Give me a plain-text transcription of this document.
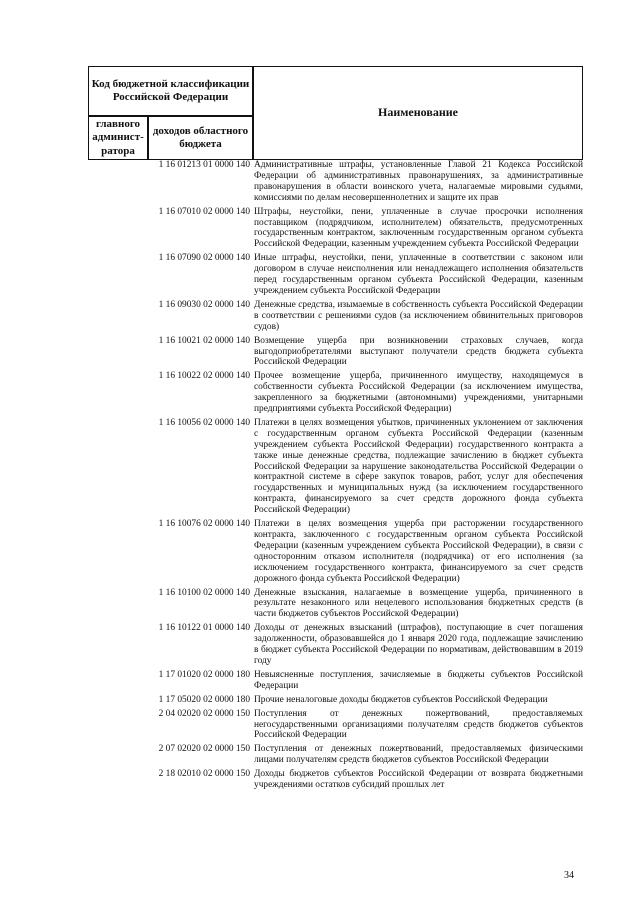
Код бюджетной классификации Российской Федерации
Наименование
главного админист-ратора
доходов областного бюджета
1 16 01213 01 0000 140 Административные штрафы, установленные Главой 21 Кодекса Российской Федерации об административных правонарушениях, за административные правонарушения в области воинского учета, налагаемые мировыми судьями, комиссиями по делам несовершеннолетних и защите их прав
1 16 07010 02 0000 140 Штрафы, неустойки, пени, уплаченные в случае просрочки исполнения поставщиком (подрядчиком, исполнителем) обязательств, предусмотренных государственным контрактом, заключенным государственным органом субъекта Российской Федерации, казенным учреждением субъекта Российской Федерации
1 16 07090 02 0000 140 Иные штрафы, неустойки, пени, уплаченные в соответствии с законом или договором в случае неисполнения или ненадлежащего исполнения обязательств перед государственным органом субъекта Российской Федерации, казенным учреждением субъекта Российской Федерации
1 16 09030 02 0000 140 Денежные средства, изымаемые в собственность субъекта Российской Федерации в соответствии с решениями судов (за исключением обвинительных приговоров судов)
1 16 10021 02 0000 140 Возмещение ущерба при возникновении страховых случаев, когда выгодоприобретателями выступают получатели средств бюджета субъекта Российской Федерации
1 16 10022 02 0000 140 Прочее возмещение ущерба, причиненного имуществу, находящемуся в собственности субъекта Российской Федерации (за исключением имущества, закрепленного за бюджетными (автономными) учреждениями, унитарными предприятиями субъекта Российской Федерации)
1 16 10056 02 0000 140 Платежи в целях возмещения убытков, причиненных уклонением от заключения с государственным органом субъекта Российской Федерации (казенным учреждением субъекта Российской Федерации) государственного контракта а также иные денежные средства, подлежащие зачислению в бюджет субъекта Российской Федерации за нарушение законодательства Российской Федерации о контрактной системе в сфере закупок товаров, работ, услуг для обеспечения государственных и муниципальных нужд (за исключением государственного контракта, финансируемого за счет средств дорожного фонда субъекта Российской Федерации)
1 16 10076 02 0000 140 Платежи в целях возмещения ущерба при расторжении государственного контракта, заключенного с государственным органом субъекта Российской Федерации (казенным учреждением субъекта Российской Федерации), в связи с односторонним отказом исполнителя (подрядчика) от его исполнения (за исключением государственного контракта, финансируемого за счет средств дорожного фонда субъекта Российской Федерации)
1 16 10100 02 0000 140 Денежные взыскания, налагаемые в возмещение ущерба, причиненного в результате незаконного или нецелевого использования бюджетных средств (в части бюджетов субъектов Российской Федерации)
1 16 10122 01 0000 140 Доходы от денежных взысканий (штрафов), поступающие в счет погашения задолженности, образовавшейся до 1 января 2020 года, подлежащие зачислению в бюджет субъекта Российской Федерации по нормативам, действовавшим в 2019 году
1 17 01020 02 0000 180 Невыясненные поступления, зачисляемые в бюджеты субъектов Российской Федерации
1 17 05020 02 0000 180 Прочие неналоговые доходы бюджетов субъектов Российской Федерации
2 04 02020 02 0000 150 Поступления от денежных пожертвований, предоставляемых негосударственными организациями получателям средств бюджетов субъектов Российской Федерации
2 07 02020 02 0000 150 Поступления от денежных пожертвований, предоставляемых физическими лицами получателям средств бюджетов субъектов Российской Федерации
2 18 02010 02 0000 150 Доходы бюджетов субъектов Российской Федерации от возврата бюджетными учреждениями остатков субсидий прошлых лет
34
